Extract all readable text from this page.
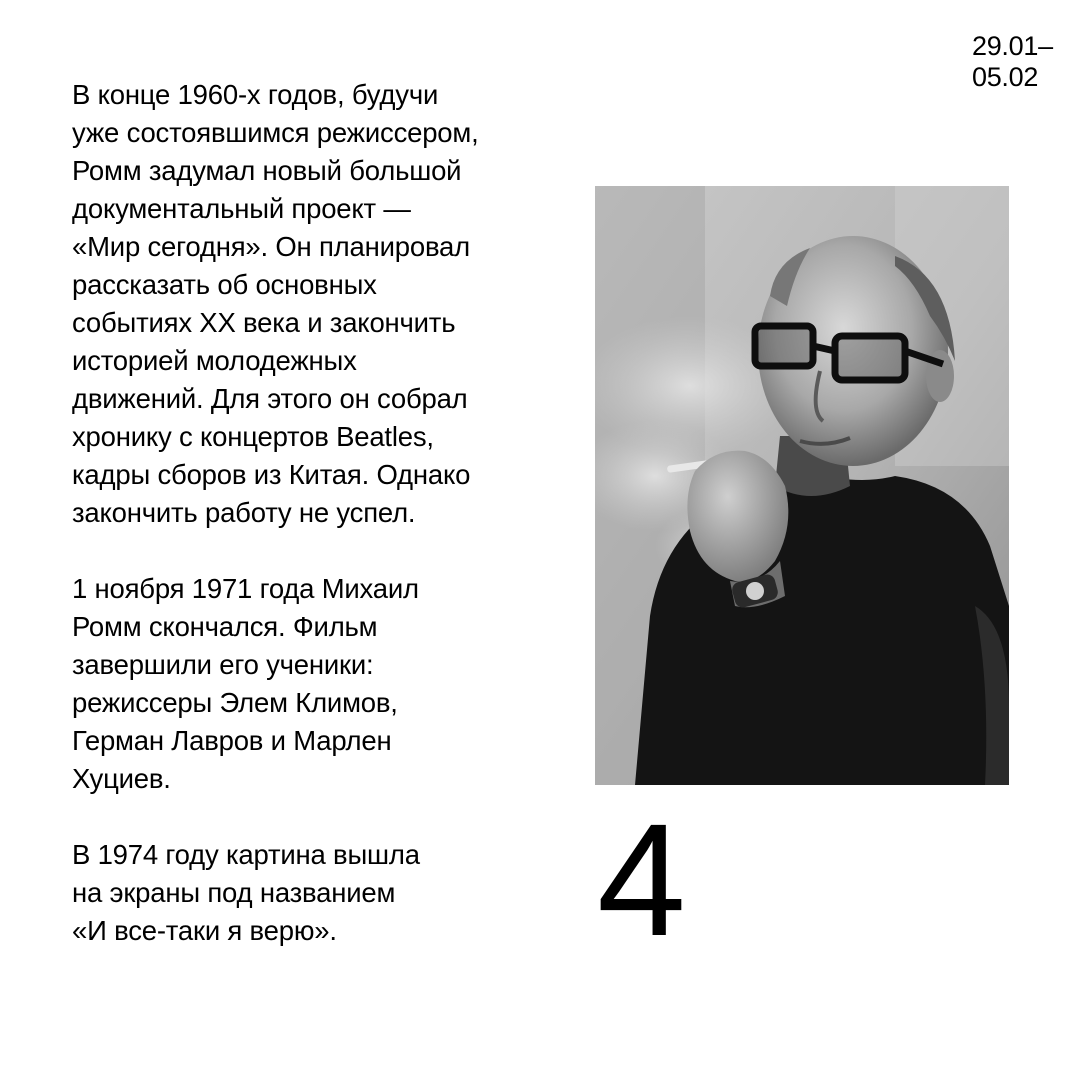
29.01–
05.02

В конце 1960-х годов, будучи
уже состоявшимся режиссером,
Ромм задумал новый большой
документальный проект —
«Мир сегодня». Он планировал
рассказать об основных
событиях XX века и закончить
историей молодежных
движений. Для этого он собрал
хронику с концертов Beatles,
кадры сборов из Китая. Однако
закончить работу не успел.

1 ноября 1971 года Михаил
Ромм скончался. Фильм
завершили его ученики:
режиссеры Элем Климов,
Герман Лавров и Марлен
Хуциев.

В 1974 году картина вышла
на экраны под названием
«И все-таки я верю».	4
